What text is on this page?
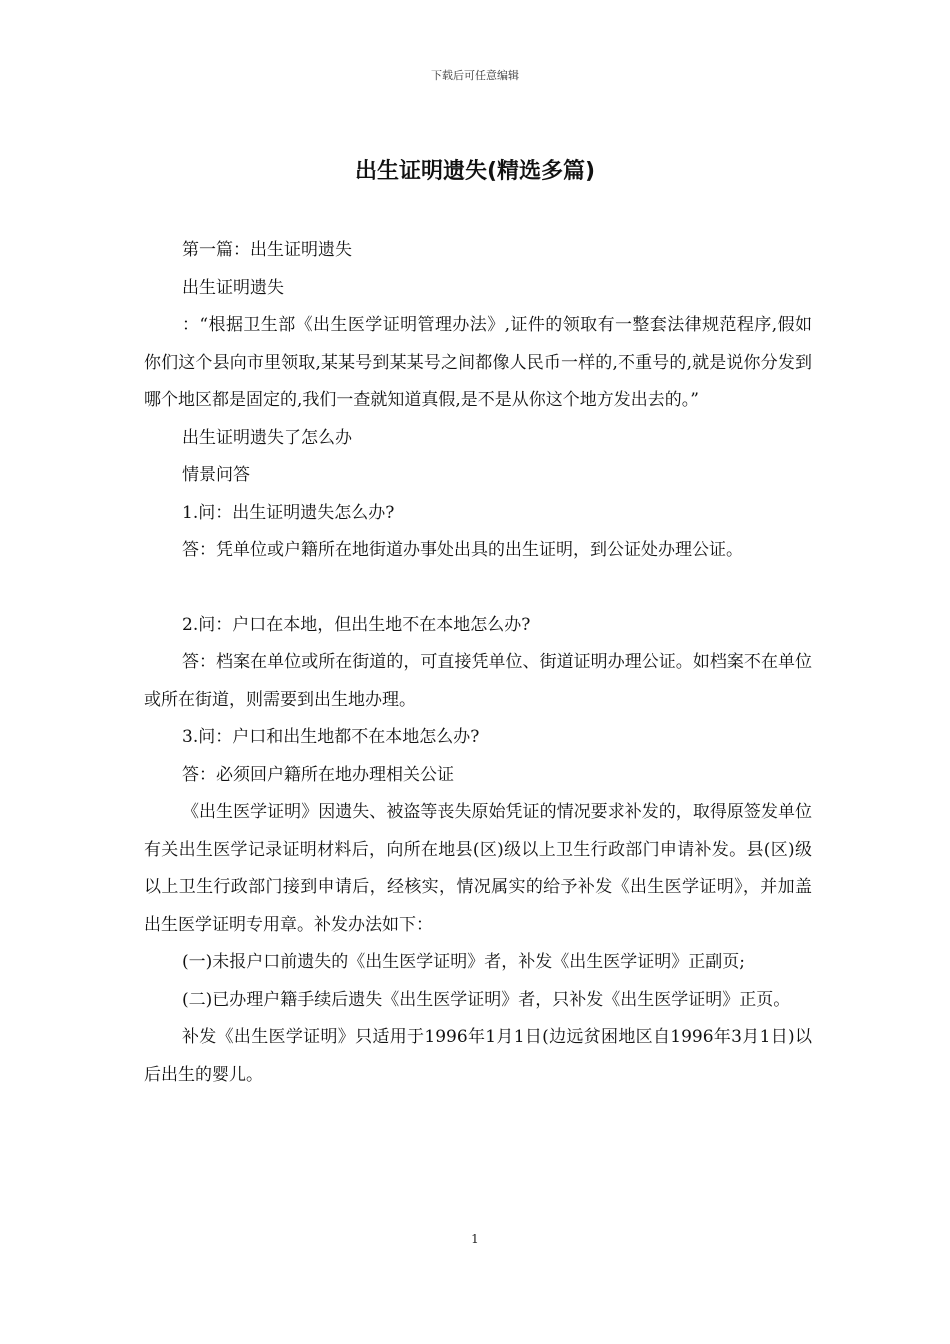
下载后可任意编辑
出生证明遗失(精选多篇)

第一篇：出生证明遗失

出生证明遗失

：“根据卫生部《出生医学证明管理办法》,证件的领取有一整套法律规范程序,假如你们这个县向市里领取,某某号到某某号之间都像人民币一样的,不重号的,就是说你分发到哪个地区都是固定的,我们一查就知道真假,是不是从你这个地方发出去的。”

出生证明遗失了怎么办

情景问答

1.问：出生证明遗失怎么办?

答：凭单位或户籍所在地街道办事处出具的出生证明，到公证处办理公证。

2.问：户口在本地，但出生地不在本地怎么办?

答：档案在单位或所在街道的，可直接凭单位、街道证明办理公证。如档案不在单位或所在街道，则需要到出生地办理。

3.问：户口和出生地都不在本地怎么办?

答：必须回户籍所在地办理相关公证

《出生医学证明》因遗失、被盗等丧失原始凭证的情况要求补发的，取得原签发单位有关出生医学记录证明材料后，向所在地县(区)级以上卫生行政部门申请补发。县(区)级以上卫生行政部门接到申请后，经核实，情况属实的给予补发《出生医学证明》，并加盖出生医学证明专用章。补发办法如下：

(一)未报户口前遗失的《出生医学证明》者，补发《出生医学证明》正副页;

(二)已办理户籍手续后遗失《出生医学证明》者，只补发《出生医学证明》正页。

补发《出生医学证明》只适用于1996年1月1日(边远贫困地区自1996年3月1日)以后出生的婴儿。

1
